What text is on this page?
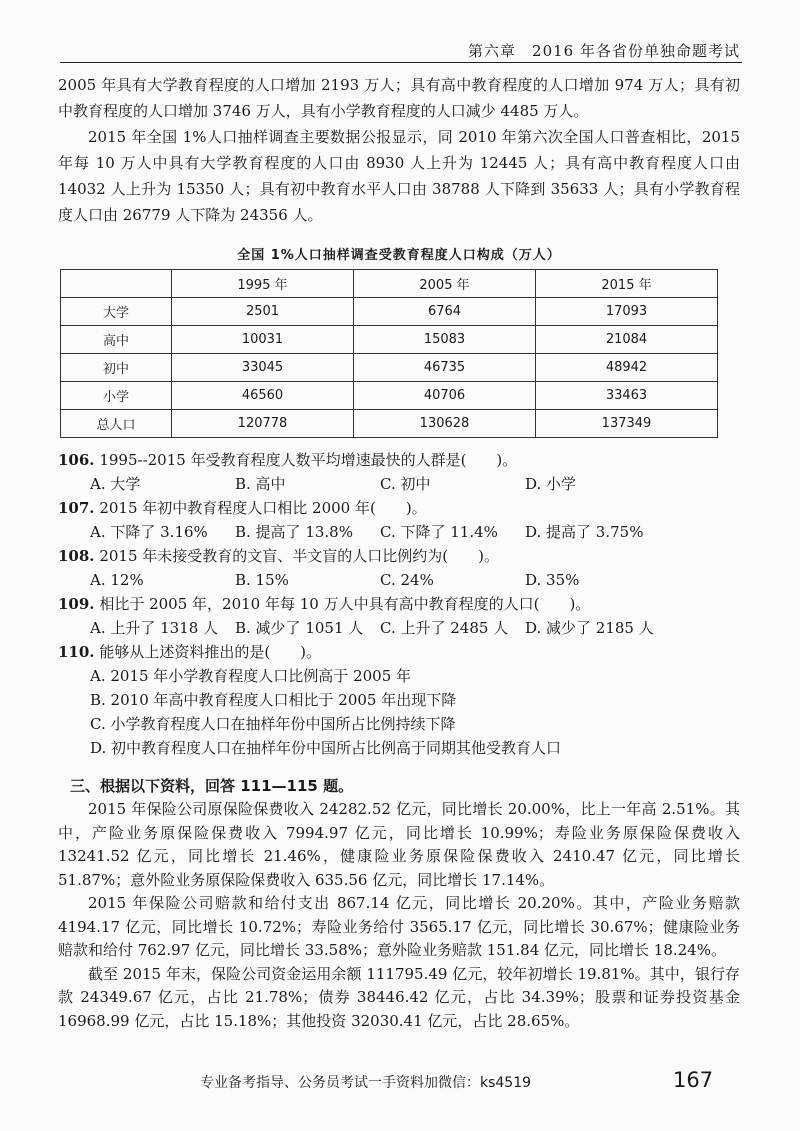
第六章　2016 年各省份单独命题考试

2005 年具有大学教育程度的人口增加 2193 万人；具有高中教育程度的人口增加 974 万人；具有初中教育程度的人口增加 3746 万人，具有小学教育程度的人口减少 4485 万人。

2015 年全国 1%人口抽样调查主要数据公报显示，同 2010 年第六次全国人口普查相比，2015 年每 10 万人中具有大学教育程度的人口由 8930 人上升为 12445 人；具有高中教育程度人口由 14032 人上升为 15350 人；具有初中教育水平人口由 38788 人下降到 35633 人；具有小学教育程度人口由 26779 人下降为 24356 人。

全国 1%人口抽样调查受教育程度人口构成（万人）
	1995 年	2005 年	2015 年
大学	2501	6764	17093
高中	10031	15083	21084
初中	33045	46735	48942
小学	46560	40706	33463
总人口	120778	130628	137349
106. 1995--2015 年受教育程度人数平均增速最快的人群是(　　)。
A. 大学	B. 高中	C. 初中	D. 小学
107. 2015 年初中教育程度人口相比 2000 年(　　)。
A. 下降了 3.16%	B. 提高了 13.8%	C. 下降了 11.4%	D. 提高了 3.75%
108. 2015 年未接受教育的文盲、半文盲的人口比例约为(　　)。
A. 12%	B. 15%	C. 24%	D. 35%
109. 相比于 2005 年，2010 年每 10 万人中具有高中教育程度的人口(　　)。
A. 上升了 1318 人	B. 减少了 1051 人	C. 上升了 2485 人	D. 减少了 2185 人
110. 能够从上述资料推出的是(　　)。
A. 2015 年小学教育程度人口比例高于 2005 年
B. 2010 年高中教育程度人口相比于 2005 年出现下降
C. 小学教育程度人口在抽样年份中国所占比例持续下降
D. 初中教育程度人口在抽样年份中国所占比例高于同期其他受教育人口
三、根据以下资料，回答 111—115 题。

2015 年保险公司原保险保费收入 24282.52 亿元，同比增长 20.00%，比上一年高 2.51%。其中，产险业务原保险保费收入 7994.97 亿元，同比增长 10.99%；寿险业务原保险保费收入 13241.52 亿元，同比增长 21.46%，健康险业务原保险保费收入 2410.47 亿元，同比增长 51.87%；意外险业务原保险保费收入 635.56 亿元，同比增长 17.14%。

2015 年保险公司赔款和给付支出 867.14 亿元，同比增长 20.20%。其中，产险业务赔款 4194.17 亿元，同比增长 10.72%；寿险业务给付 3565.17 亿元，同比增长 30.67%；健康险业务赔款和给付 762.97 亿元，同比增长 33.58%；意外险业务赔款 151.84 亿元，同比增长 18.24%。

截至 2015 年末，保险公司资金运用余额 111795.49 亿元，较年初增长 19.81%。其中，银行存款 24349.67 亿元，占比 21.78%；债券 38446.42 亿元，占比 34.39%；股票和证券投资基金 16968.99 亿元，占比 15.18%；其他投资 32030.41 亿元，占比 28.65%。

专业备考指导、公务员考试一手资料加微信：ks4519	167
